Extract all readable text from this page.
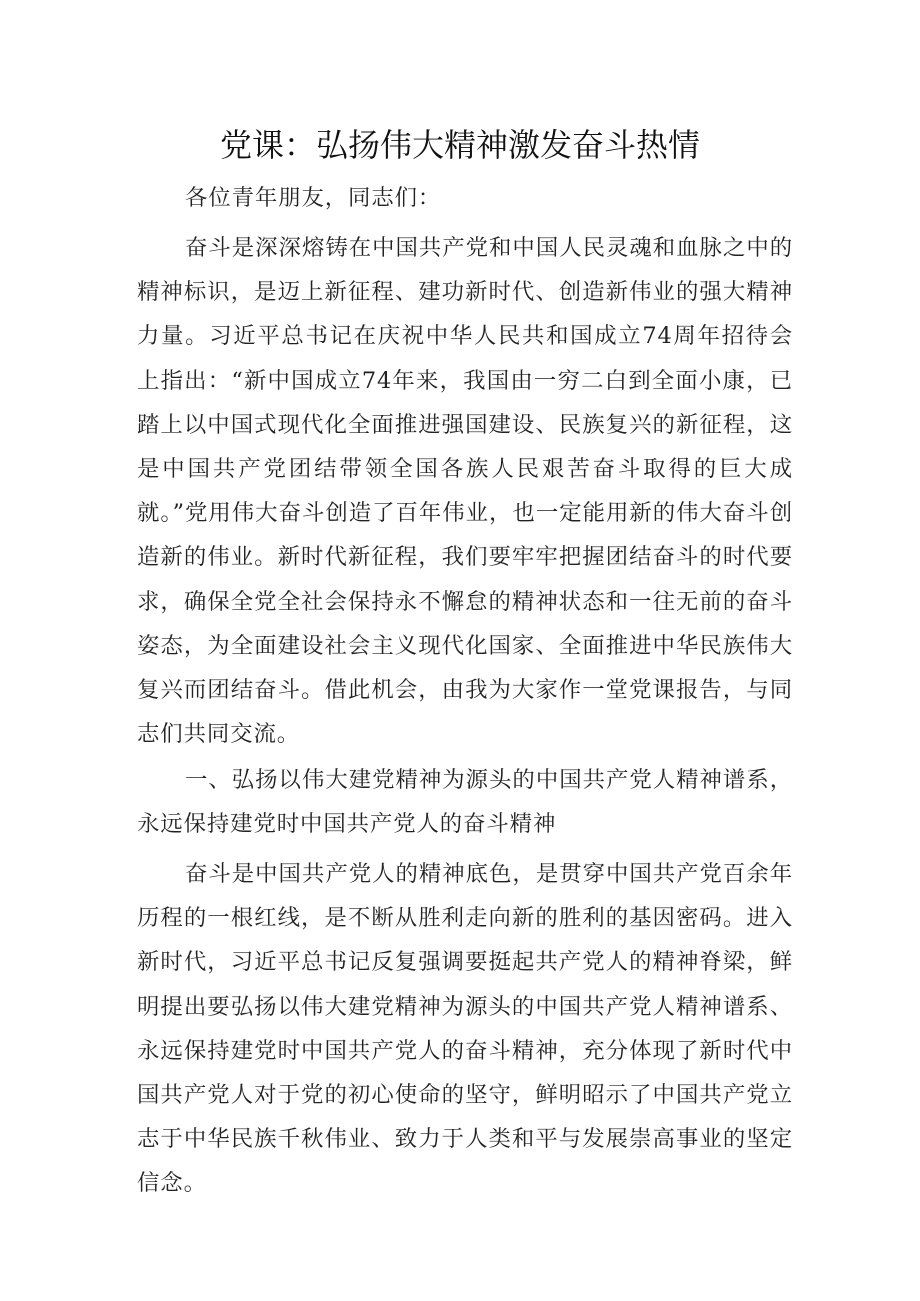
党课：弘扬伟大精神激发奋斗热情

各位青年朋友，同志们：

奋斗是深深熔铸在中国共产党和中国人民灵魂和血脉之中的精神标识，是迈上新征程、建功新时代、创造新伟业的强大精神力量。习近平总书记在庆祝中华人民共和国成立74周年招待会上指出：“新中国成立74年来，我国由一穷二白到全面小康，已踏上以中国式现代化全面推进强国建设、民族复兴的新征程，这是中国共产党团结带领全国各族人民艰苦奋斗取得的巨大成就。”党用伟大奋斗创造了百年伟业，也一定能用新的伟大奋斗创造新的伟业。新时代新征程，我们要牢牢把握团结奋斗的时代要求，确保全党全社会保持永不懈怠的精神状态和一往无前的奋斗姿态，为全面建设社会主义现代化国家、全面推进中华民族伟大复兴而团结奋斗。借此机会，由我为大家作一堂党课报告，与同志们共同交流。

一、弘扬以伟大建党精神为源头的中国共产党人精神谱系，永远保持建党时中国共产党人的奋斗精神

奋斗是中国共产党人的精神底色，是贯穿中国共产党百余年历程的一根红线，是不断从胜利走向新的胜利的基因密码。进入新时代，习近平总书记反复强调要挺起共产党人的精神脊梁，鲜明提出要弘扬以伟大建党精神为源头的中国共产党人精神谱系、永远保持建党时中国共产党人的奋斗精神，充分体现了新时代中国共产党人对于党的初心使命的坚守，鲜明昭示了中国共产党立志于中华民族千秋伟业、致力于人类和平与发展崇高事业的坚定信念。
